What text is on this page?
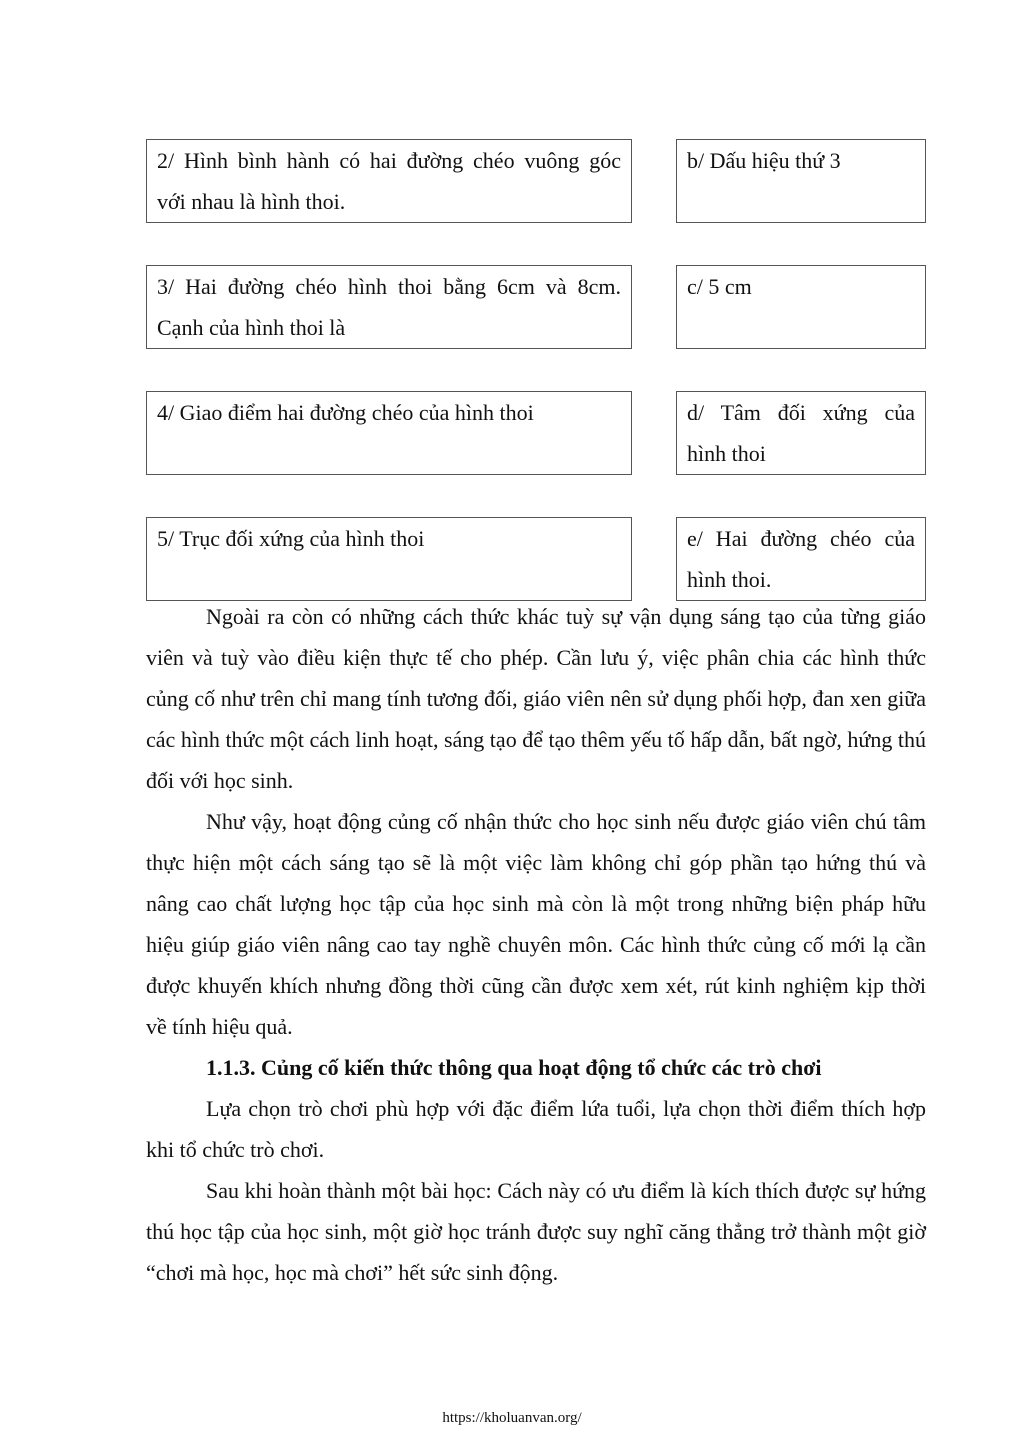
2/ Hình bình hành có hai đường chéo vuông góc
với nhau là hình thoi.
b/ Dấu hiệu thứ 3
3/ Hai đường chéo hình thoi bằng 6cm và 8cm.
Cạnh của hình thoi là
c/ 5 cm
4/ Giao điểm hai đường chéo của hình thoi	d/ Tâm đối xứng của
hình thoi
5/ Trục đối xứng của hình thoi	e/ Hai đường chéo của
hình thoi.

Ngoài ra còn có những cách thức khác tuỳ sự vận dụng sáng tạo của từng giáo viên và tuỳ vào điều kiện thực tế cho phép. Cần lưu ý, việc phân chia các hình thức củng cố như trên chỉ mang tính tương đối, giáo viên nên sử dụng phối hợp, đan xen giữa các hình thức một cách linh hoạt, sáng tạo để tạo thêm yếu tố hấp dẫn, bất ngờ, hứng thú đối với học sinh.

Như vậy, hoạt động củng cố nhận thức cho học sinh nếu được giáo viên chú tâm thực hiện một cách sáng tạo sẽ là một việc làm không chỉ góp phần tạo hứng thú và nâng cao chất lượng học tập của học sinh mà còn là một trong những biện pháp hữu hiệu giúp giáo viên nâng cao tay nghề chuyên môn. Các hình thức củng cố mới lạ cần được khuyến khích nhưng đồng thời cũng cần được xem xét, rút kinh nghiệm kịp thời về tính hiệu quả.

1.1.3. Củng cố kiến thức thông qua hoạt động tổ chức các trò chơi

Lựa chọn trò chơi phù hợp với đặc điểm lứa tuổi, lựa chọn thời điểm thích hợp khi tổ chức trò chơi.

Sau khi hoàn thành một bài học: Cách này có ưu điểm là kích thích được sự hứng thú học tập của học sinh, một giờ học tránh được suy nghĩ căng thẳng trở thành một giờ “chơi mà học, học mà chơi” hết sức sinh động.

https://kholuanvan.org/
